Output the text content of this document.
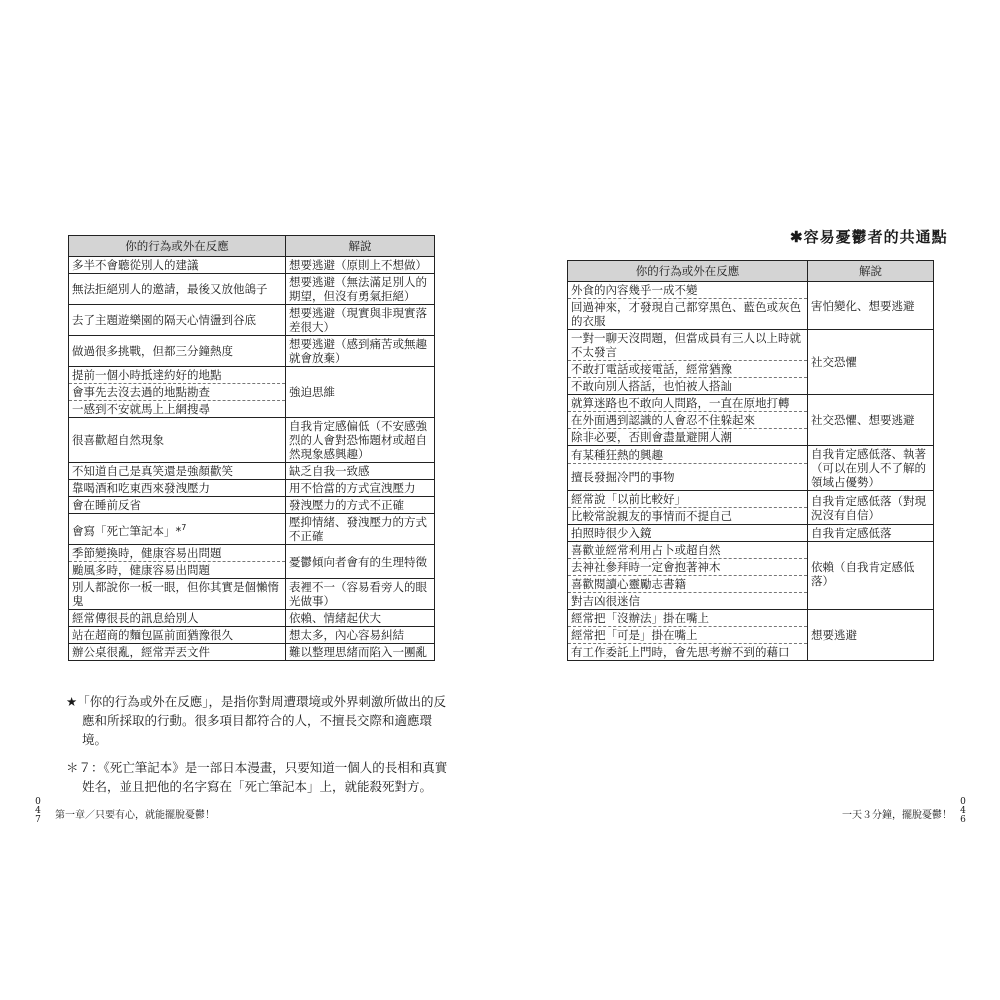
你的行為或外在反應	解說
多半不會聽從別人的建議	想要逃避（原則上不想做）
無法拒絕別人的邀請，最後又放他鴿子	想要逃避（無法滿足別人的期望，但沒有勇氣拒絕）
去了主題遊樂園的隔天心情盪到谷底	想要逃避（現實與非現實落差很大）
做過很多挑戰，但都三分鐘熱度	想要逃避（感到痛苦或無趣就會放棄）
提前一個小時抵達約好的地點	強迫思維
會事先去沒去過的地點勘查	
一感到不安就馬上上網搜尋	
很喜歡超自然現象	自我肯定感偏低（不安感強烈的人會對恐怖題材或超自然現象感興趣）
不知道自己是真笑還是強顏歡笑	缺乏自我一致感
靠喝酒和吃東西來發洩壓力	用不恰當的方式宣洩壓力
會在睡前反省	發洩壓力的方式不正確
會寫「死亡筆記本」*$^7$	壓抑情緒、發洩壓力的方式不正確
季節變換時，健康容易出問題	憂鬱傾向者會有的生理特徵
颱風多時，健康容易出問題	
別人都說你一板一眼，但你其實是個懶惰鬼	表裡不一（容易看旁人的眼光做事）
經常傳很長的訊息給別人	依賴、情緒起伏大
站在超商的麵包區前面猶豫很久	想太多，內心容易糾結
辦公桌很亂，經常弄丟文件	難以整理思緒而陷入一團亂

★「你的行為或外在反應」，是指你對周遭環境或外界刺激所做出的反應和所採取的行動。很多項目都符合的人，不擅長交際和適應環境。

＊７：《死亡筆記本》是一部日本漫畫，只要知道一個人的長相和真實姓名，並且把他的名字寫在「死亡筆記本」上，就能殺死對方。

047 第一章／只要有心，就能擺脫憂鬱！
✱容易憂鬱者的共通點
你的行為或外在反應	解說
外食的內容幾乎一成不變	害怕變化、想要逃避
回過神來，才發現自己都穿黑色、藍色或灰色的衣服	
一對一聊天沒問題，但當成員有三人以上時就不太發言	社交恐懼
不敢打電話或接電話，經常猶豫	
不敢向別人搭話，也怕被人搭訕	
就算迷路也不敢向人問路，一直在原地打轉	社交恐懼、想要逃避
在外面遇到認識的人會忍不住躲起來	
除非必要，否則會盡量避開人潮	
有某種狂熱的興趣	自我肯定感低落、執著（可以在別人不了解的領域占優勢）
擅長發掘冷門的事物	
經常說「以前比較好」	自我肯定感低落（對現況沒有自信）
比較常說親友的事情而不提自己	
拍照時很少入鏡	自我肯定感低落
喜歡並經常利用占卜或超自然	依賴（自我肯定感低落）
去神社參拜時一定會抱著神木	
喜歡閱讀心靈勵志書籍	
對吉凶很迷信	
經常把「沒辦法」掛在嘴上	想要逃避
經常把「可是」掛在嘴上	
有工作委託上門時，會先思考辦不到的藉口	
046
一天３分鐘，擺脫憂鬱！
